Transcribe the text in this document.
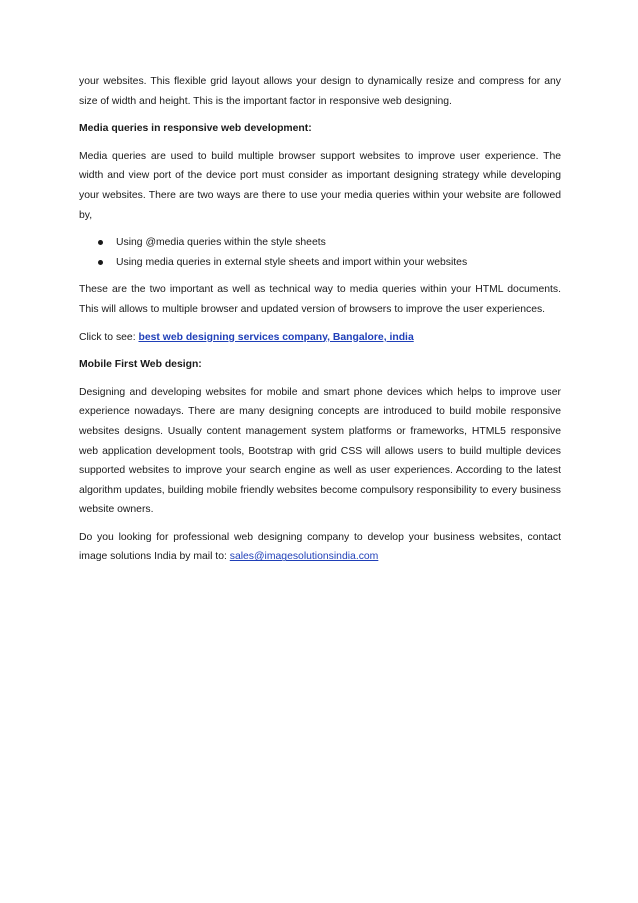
your websites. This flexible grid layout allows your design to dynamically resize and compress for any size of width and height. This is the important factor in responsive web designing.

Media queries in responsive web development:

Media queries are used to build multiple browser support websites to improve user experience. The width and view port of the device port must consider as important designing strategy while developing your websites. There are two ways are there to use your media queries within your website are followed by,

Using @media queries within the style sheets
Using media queries in external style sheets and import within your websites

These are the two important as well as technical way to media queries within your HTML documents. This will allows to multiple browser and updated version of browsers to improve the user experiences.

Click to see: best web designing services company, Bangalore, india

Mobile First Web design:

Designing and developing websites for mobile and smart phone devices which helps to improve user experience nowadays. There are many designing concepts are introduced to build mobile responsive websites designs. Usually content management system platforms or frameworks, HTML5 responsive web application development tools, Bootstrap with grid CSS will allows users to build multiple devices supported websites to improve your search engine as well as user experiences. According to the latest algorithm updates, building mobile friendly websites become compulsory responsibility to every business website owners.

Do you looking for professional web designing company to develop your business websites, contact image solutions India by mail to: sales@imagesolutionsindia.com
